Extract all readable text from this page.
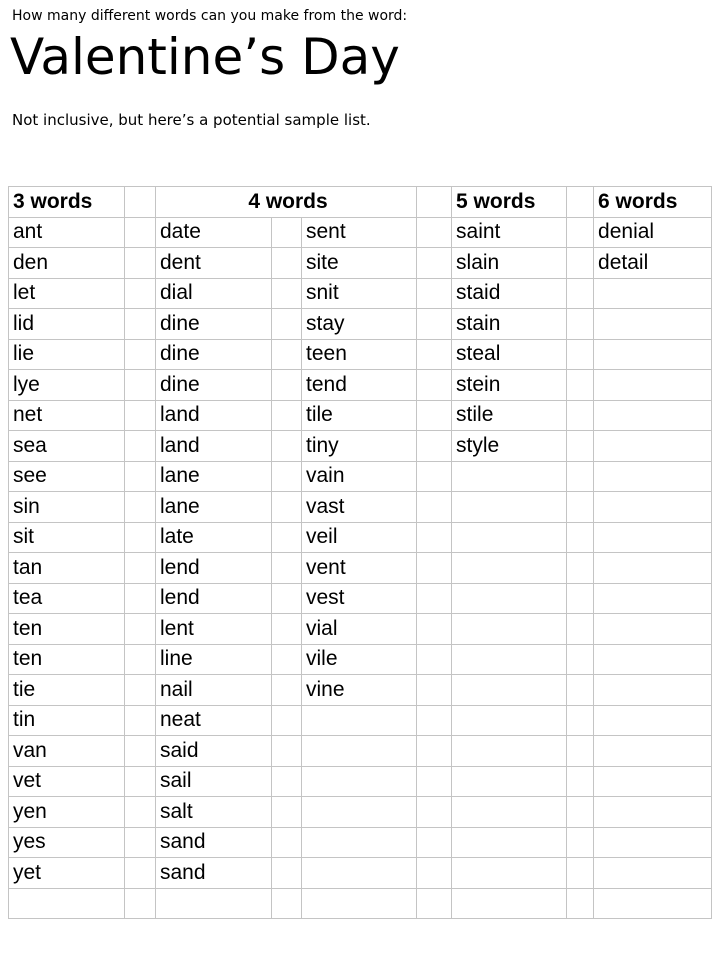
How many different words can you make from the word:
Valentine’s Day
Not inclusive, but here’s a potential sample list.
3 words		4 words				5 words		6 words
ant		date		sent		saint		denial
den		dent		site		slain		detail
let		dial		snit		staid		
lid		dine		stay		stain		
lie		dine		teen		steal		
lye		dine		tend		stein		
net		land		tile		stile		
sea		land		tiny		style		
see		lane		vain				
sin		lane		vast				
sit		late		veil				
tan		lend		vent				
tea		lend		vest				
ten		lent		vial				
ten		line		vile				
tie		nail		vine				
tin		neat						
van		said						
vet		sail						
yen		salt						
yes		sand						
yet		sand						
